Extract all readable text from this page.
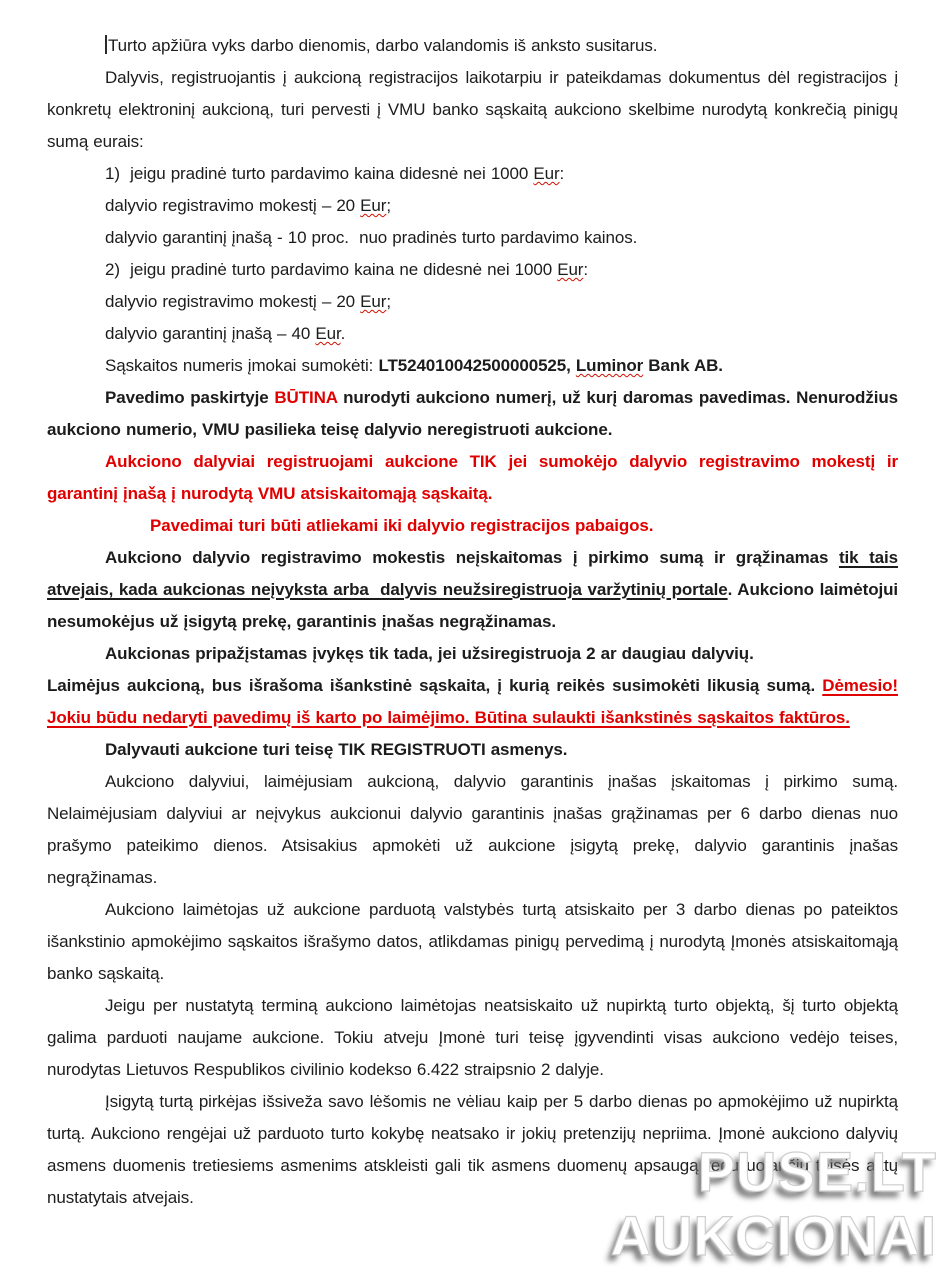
Turto apžiūra vyks darbo dienomis, darbo valandomis iš anksto susitarus.

Dalyvis, registruojantis į aukcioną registracijos laikotarpiu ir pateikdamas dokumentus dėl registracijos į konkretų elektroninį aukcioną, turi pervesti į VMU banko sąskaitą aukciono skelbime nurodytą konkrečią pinigų sumą eurais:

1)  jeigu pradinė turto pardavimo kaina didesnė nei 1000 Eur:

dalyvio registravimo mokestį – 20 Eur;

dalyvio garantinį įnašą - 10 proc.  nuo pradinės turto pardavimo kainos.

2)  jeigu pradinė turto pardavimo kaina ne didesnė nei 1000 Eur:

dalyvio registravimo mokestį – 20 Eur;

dalyvio garantinį įnašą – 40 Eur.

Sąskaitos numeris įmokai sumokėti: LT524010042500000525, Luminor Bank AB.

Pavedimo paskirtyje BŪTINA nurodyti aukciono numerį, už kurį daromas pavedimas. Nenurodžius aukciono numerio, VMU pasilieka teisę dalyvio neregistruoti aukcione.

Aukciono dalyviai registruojami aukcione TIK jei sumokėjo dalyvio registravimo mokestį ir garantinį įnašą į nurodytą VMU atsiskaitomąją sąskaitą.

Pavedimai turi būti atliekami iki dalyvio registracijos pabaigos.

Aukciono dalyvio registravimo mokestis neįskaitomas į pirkimo sumą ir grąžinamas tik tais atvejais, kada aukcionas neįvyksta arba  dalyvis neužsiregistruoja varžytinių portale. Aukciono laimėtojui nesumokėjus už įsigytą prekę, garantinis įnašas negrąžinamas.

Aukcionas pripažįstamas įvykęs tik tada, jei užsiregistruoja 2 ar daugiau dalyvių.

Laimėjus aukcioną, bus išrašoma išankstinė sąskaita, į kurią reikės susimokėti likusią sumą. Dėmesio! Jokiu būdu nedaryti pavedimų iš karto po laimėjimo. Būtina sulaukti išankstinės sąskaitos faktūros.

Dalyvauti aukcione turi teisę TIK REGISTRUOTI asmenys.

Aukciono dalyviui, laimėjusiam aukcioną, dalyvio garantinis įnašas įskaitomas į pirkimo sumą. Nelaimėjusiam dalyviui ar neįvykus aukcionui dalyvio garantinis įnašas grąžinamas per 6 darbo dienas nuo prašymo pateikimo dienos. Atsisakius apmokėti už aukcione įsigytą prekę, dalyvio garantinis įnašas negrąžinamas.

Aukciono laimėtojas už aukcione parduotą valstybės turtą atsiskaito per 3 darbo dienas po pateiktos išankstinio apmokėjimo sąskaitos išrašymo datos, atlikdamas pinigų pervedimą į nurodytą Įmonės atsiskaitomąją banko sąskaitą.

Jeigu per nustatytą terminą aukciono laimėtojas neatsiskaito už nupirktą turto objektą, šį turto objektą galima parduoti naujame aukcione. Tokiu atveju Įmonė turi teisę įgyvendinti visas aukciono vedėjo teises, nurodytas Lietuvos Respublikos civilinio kodekso 6.422 straipsnio 2 dalyje.

Įsigytą turtą pirkėjas išsiveža savo lėšomis ne vėliau kaip per 5 darbo dienas po apmokėjimo už nupirktą turtą. Aukciono rengėjai už parduoto turto kokybę neatsako ir jokių pretenzijų nepriima. Įmonė aukciono dalyvių asmens duomenis tretiesiems asmenims atskleisti gali tik asmens duomenų apsaugą reguliuojančių teisės aktų nustatytais atvejais.	PUSE.LT
AUKCIONAI
